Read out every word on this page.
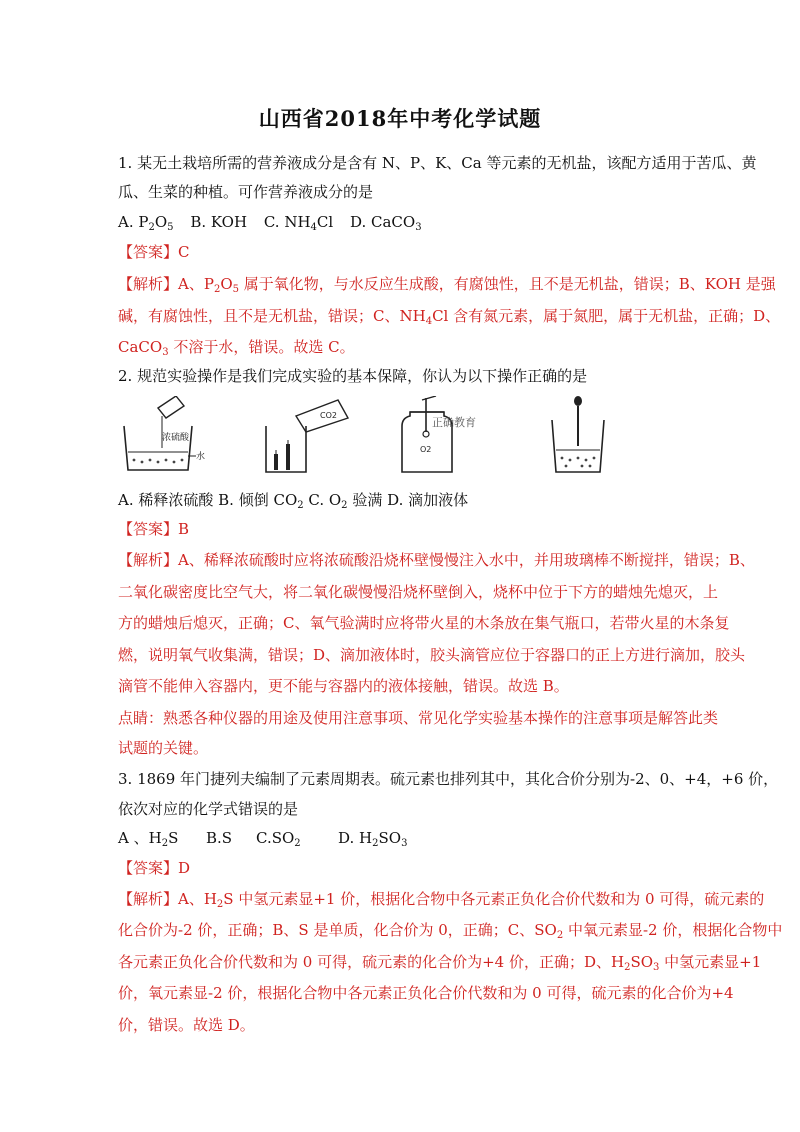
山西省2018年中考化学试题
1. 某无土栽培所需的营养液成分是含有 N、P、K、Ca 等元素的无机盐，该配方适用于苦瓜、黄
瓜、生菜的种植。可作营养液成分的是
A. $P_2O_5$ B. KOH C. $NH_4Cl$ D. CaCO$_3$
【答案】C
【解析】A、$P_2O_5$ 属于氧化物，与水反应生成酸，有腐蚀性，且不是无机盐，错误；B、KOH 是强
碱，有腐蚀性，且不是无机盐，错误；C、$NH_4Cl$ 含有氮元素，属于氮肥，属于无机盐，正确；D、
CaCO$_3$ 不溶于水，错误。故选 C。
2. 规范实验操作是我们完成实验的基本保障，你认为以下操作正确的是
浓硫酸
水
CO2
O2
正确教育
A. 稀释浓硫酸 B. 倾倒 $CO_2$ C. $O_2$ 验满 D. 滴加液体
【答案】B
【解析】A、稀释浓硫酸时应将浓硫酸沿烧杯壁慢慢注入水中，并用玻璃棒不断搅拌，错误；B、
二氧化碳密度比空气大，将二氧化碳慢慢沿烧杯壁倒入，烧杯中位于下方的蜡烛先熄灭，上
方的蜡烛后熄灭，正确；C、氧气验满时应将带火星的木条放在集气瓶口，若带火星的木条复
燃，说明氧气收集满，错误；D、滴加液体时，胶头滴管应位于容器口的正上方进行滴加，胶头
滴管不能伸入容器内，更不能与容器内的液体接触，错误。故选 B。
点睛：熟悉各种仪器的用途及使用注意事项、常见化学实验基本操作的注意事项是解答此类
试题的关键。
3. 1869 年门捷列夫编制了元素周期表。硫元素也排列其中，其化合价分别为-2、0、+4，+6 价，
依次对应的化学式错误的是
A 、$H_2S$ B.S $C.SO_2$ D. $H_2SO_3$
【答案】D
【解析】A、$H_2S$ 中氢元素显+1 价，根据化合物中各元素正负化合价代数和为 0 可得，硫元素的
化合价为-2 价，正确；B、S 是单质，化合价为 0，正确；C、$SO_2$ 中氧元素显-2 价，根据化合物中
各元素正负化合价代数和为 0 可得，硫元素的化合价为+4 价，正确；D、$H_2SO_3$ 中氢元素显+1
价，氧元素显-2 价，根据化合物中各元素正负化合价代数和为 0 可得，硫元素的化合价为+4
价，错误。故选 D。
